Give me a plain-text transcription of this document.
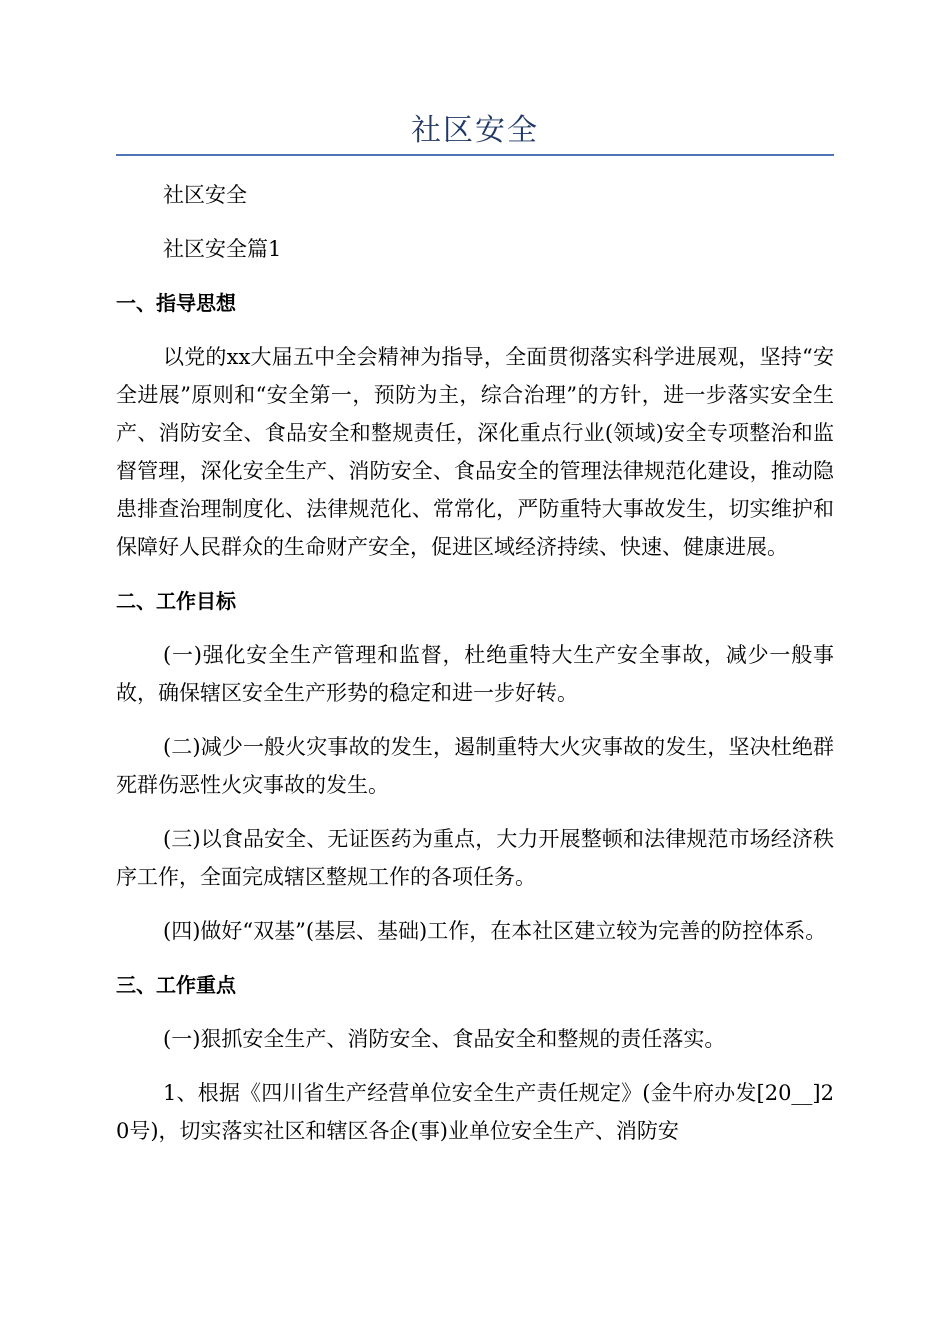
社区安全

社区安全

社区安全篇1

一、指导思想

以党的xx大届五中全会精神为指导，全面贯彻落实科学进展观，坚持“安全进展”原则和“安全第一，预防为主，综合治理”的方针，进一步落实安全生产、消防安全、食品安全和整规责任，深化重点行业(领域)安全专项整治和监督管理，深化安全生产、消防安全、食品安全的管理法律规范化建设，推动隐患排查治理制度化、法律规范化、常常化，严防重特大事故发生，切实维护和保障好人民群众的生命财产安全，促进区域经济持续、快速、健康进展。

二、工作目标

(一)强化安全生产管理和监督，杜绝重特大生产安全事故，减少一般事故，确保辖区安全生产形势的稳定和进一步好转。

(二)减少一般火灾事故的发生，遏制重特大火灾事故的发生，坚决杜绝群死群伤恶性火灾事故的发生。

(三)以食品安全、无证医药为重点，大力开展整顿和法律规范市场经济秩序工作，全面完成辖区整规工作的各项任务。

(四)做好“双基”(基层、基础)工作，在本社区建立较为完善的防控体系。

三、工作重点

(一)狠抓安全生产、消防安全、食品安全和整规的责任落实。

1、根据《四川省生产经营单位安全生产责任规定》(金牛府办发[20__]20号)，切实落实社区和辖区各企(事)业单位安全生产、消防安
